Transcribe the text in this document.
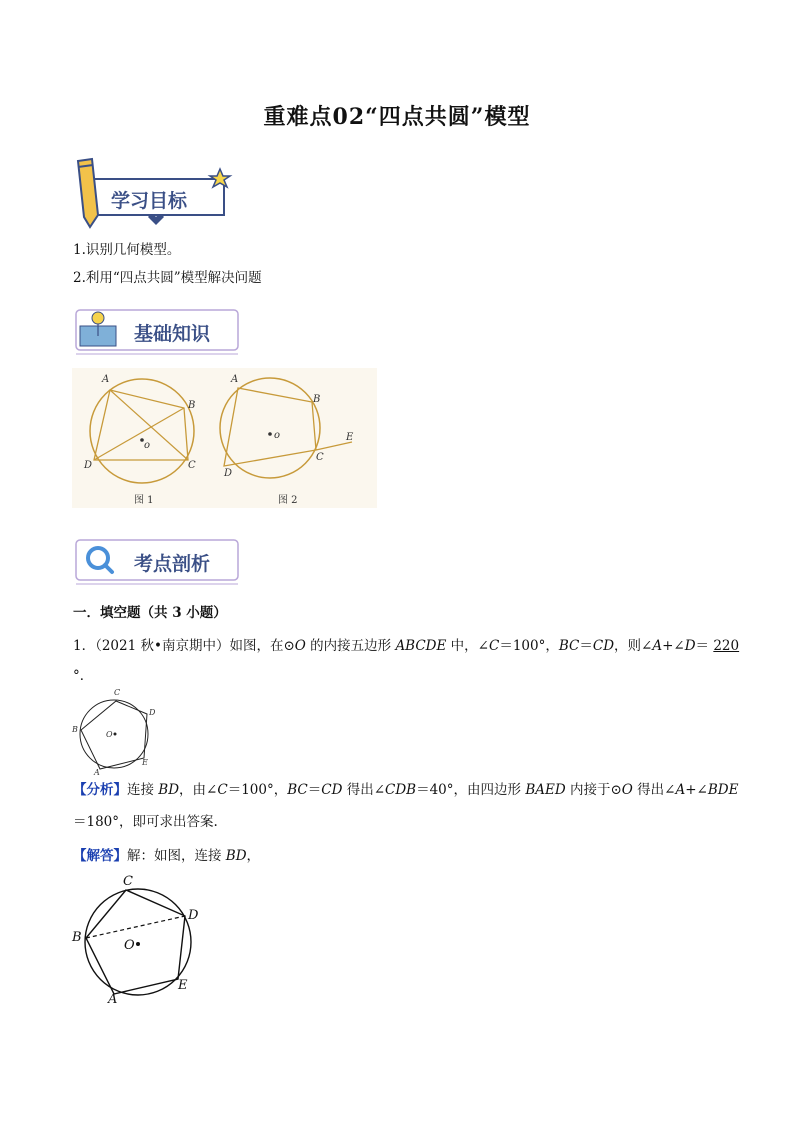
重难点02“四点共圆”模型
学习目标
1.识别几何模型。
2.利用“四点共圆”模型解决问题
基础知识
A
B
o
D	C
图 1
A
B
o
D
C
E
图 2
考点剖析
一．填空题（共 3 小题）
1．（2021 秋•南京期中）如图，在⊙O 的内接五边形 ABCDE 中，∠C＝100°，BC＝CD，则∠A+∠D＝ 220
°．
C
D
B
O
E
A
【分析】连接 BD，由∠C＝100°，BC＝CD 得出∠CDB＝40°，由四边形 BAED 内接于⊙O 得出∠A+∠BDE
＝180°，即可求出答案.
【解答】解：如图，连接 BD，
C
D
B
O
E
A
